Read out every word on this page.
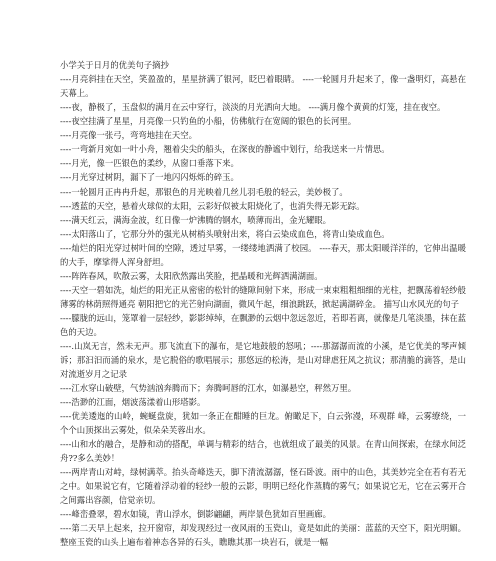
小学关于日月的优美句子摘抄

----月亮斜挂在天空，笑盈盈的，星星挤满了银河，眨巴着眼睛。 ----一轮圆月升起来了，像一盏明灯，高悬在天幕上。

----夜，静极了，玉盘似的满月在云中穿行，淡淡的月光洒向大地。 ----满月像个黄黄的灯笼，挂在夜空。

----夜空挂满了星星，月亮像一只钓鱼的小船，仿佛航行在宽阔的银色的长河里。

----月亮像一张弓，弯弯地挂在天空。

----一弯新月宛如一叶小舟，翘着尖尖的船头，在深夜的静谧中划行，给我送来一片情思。

----月光，像一匹银色的柔纱，从窗口垂落下来。

----月光穿过树阴，漏下了一地闪闪烁烁的碎玉。

----一轮圆月正冉冉升起，那银色的月光映着几丝儿羽毛般的轻云，美妙极了。

----透蓝的天空，悬着火球似的太阳，云彩好似被太阳烧化了，也消失得无影无踪。

----满天红云，满海金波，红日像一炉沸腾的钢水，喷薄而出，金光耀眼。

----太阳落山了，它那分外的强光从树梢头喷射出来，将白云染成血色，将青山染成血色。

----灿烂的阳光穿过树叶间的空隙，透过早雾，一缕缕地洒满了校园。 ----春天，那太阳暖洋洋的，它伸出温暖的大手，摩挲得人浑身舒坦。

----阵阵春风，吹散云雾，太阳欣然露出笑脸，把晶暖和光辉洒满湖面。

----天空一碧如洗，灿烂的阳光正从密密的松针的缝隙间射下来，形成一束束粗粗细细的光柱，把飘荡着轻纱般薄雾的林荫照得通亮 朝阳把它的光芒射向湖面，微风午起，细浪跳跃，掀起满湖碎金。 描写山水风光的句子

----朦胧的远山，笼罩着一层轻纱，影影绰绰，在飘渺的云烟中忽远忽近，若即若离，就像是几笔淡墨，抹在蓝色的天边。

----.山岚无言，然未无声。那飞流直下的瀑布，是它地鼓般的怒吼；----那潺潺而流的小溪，是它优美的琴声倾诉；那汩汩而涌的泉水，是它脱俗的歌唱展示；那悠远的松涛，是山对肆虐狂风之抗议；那清脆的滴答，是山对流逝岁月之记录

----江水穿山破壁，气势汹汹奔腾而下；奔腾呵唇的江水，如瀑悬空，秤然万里。

----浩渺的江面，烟波荡漾着山形塔影。

----优美逶迤的山岭，蜿蜒盘旋，犹如一条正在酣睡的巨龙。俯瞰足下，白云弥漫，环观群 峰，云雾缭绕，一个个山顶探出云雾处，似朵朵芙蓉出水。

----山和水的融合，是静和动的搭配，单调与精彩的结合，也就组成了最美的风景。在青山间探索，在绿水间泛舟??多么美妙！

----两岸青山对峙，绿树满萃。抬头奇峰迭天，脚下清流潺潺，怪石卧波。雨中的山色，其美妙完全在若有若无之中。如果说它有，它随着浮动着的轻纱一般的云影，明明已经化作蒸腾的雾气；如果说它无，它在云雾开合之间露出容颜，信觉亲切。

----峰峦叠翠，碧水如镜，青山浮水，倒影翩翩，两岸景色犹如百里画廊。

----第二天早上起来，拉开窗帘，却发现经过一夜风雨的玉瓷山，竟是如此的美丽：蓝蓝的天空下，阳光明媚。整座玉瓷的山头上遍布着神态各异的石头，瞧瞧其那一块岩石，就是一幅
